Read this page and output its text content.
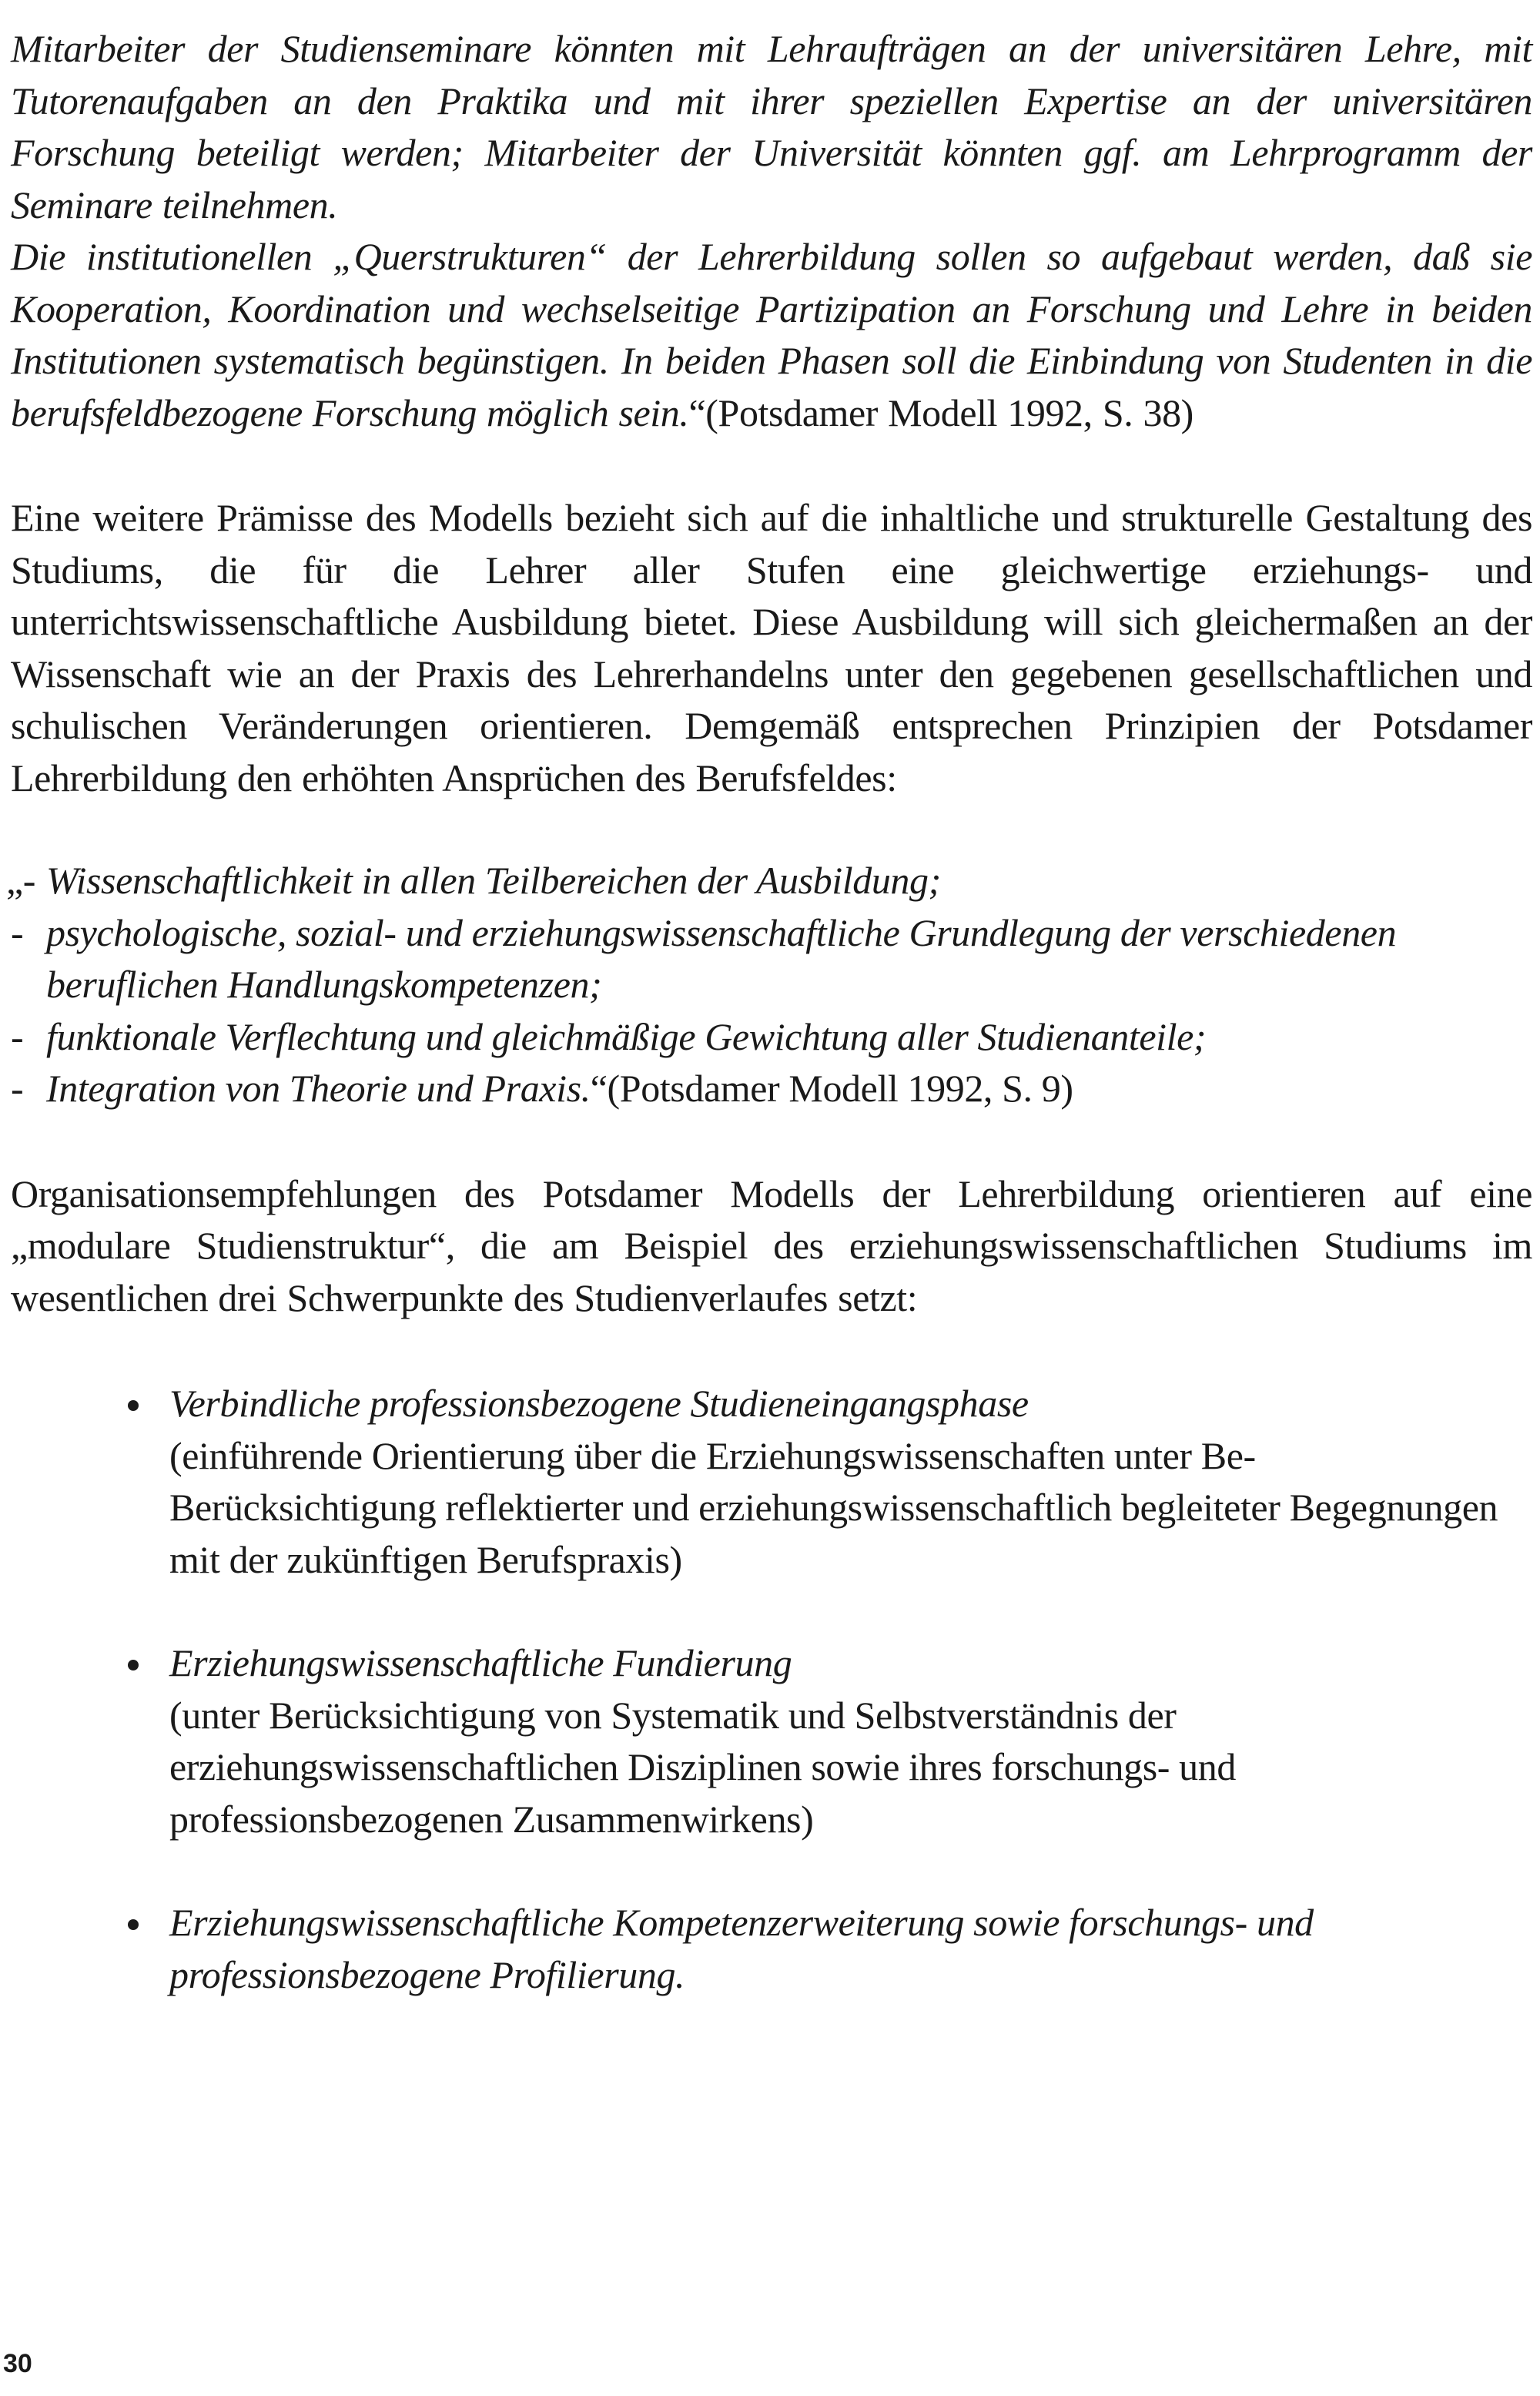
Mitarbeiter der Studienseminare könnten mit Lehraufträgen an der universitären Lehre, mit Tutorenaufgaben an den Praktika und mit ihrer speziellen Expertise an der universitären Forschung beteiligt werden; Mitarbeiter der Universität könnten ggf. am Lehrprogramm der Seminare teilnehmen.
Die institutionellen „Querstrukturen“ der Lehrerbildung sollen so aufgebaut werden, daß sie Kooperation, Koordination und wechselseitige Partizipation an Forschung und Lehre in beiden Institutionen systematisch begünstigen. In beiden Phasen soll die Einbindung von Studenten in die berufsfeldbezogene Forschung möglich sein.“(Potsdamer Modell 1992, S. 38)

Eine weitere Prämisse des Modells bezieht sich auf die inhaltliche und strukturelle Gestaltung des Studiums, die für die Lehrer aller Stufen eine gleichwertige erziehungs- und unterrichtswissenschaftliche Ausbildung bietet. Diese Ausbildung will sich gleichermaßen an der Wissenschaft wie an der Praxis des Lehrerhandelns unter den gegebenen gesellschaftlichen und schulischen Veränderungen orientieren. Demgemäß entsprechen Prinzipien der Potsdamer Lehrerbildung den erhöhten Ansprüchen des Berufsfeldes:

„- Wissenschaftlichkeit in allen Teilbereichen der Ausbildung;
- psychologische, sozial- und erziehungswissenschaftliche Grundlegung der verschiedenen beruflichen Handlungskompetenzen;
- funktionale Verflechtung und gleichmäßige Gewichtung aller Studienanteile;
- Integration von Theorie und Praxis.“(Potsdamer Modell 1992, S. 9)

Organisationsempfehlungen des Potsdamer Modells der Lehrerbildung orientieren auf eine „modulare Studienstruktur“, die am Beispiel des erziehungswissenschaftlichen Studiums im wesentlichen drei Schwerpunkte des Studienverlaufes setzt:

Verbindliche professionsbezogene Studieneingangsphase
(einführende Orientierung über die Erziehungswissenschaften unter Be- Berücksichtigung reflektierter und erziehungswissenschaftlich begleiteter Begegnungen mit der zukünftigen Berufspraxis)
Erziehungswissenschaftliche Fundierung
(unter Berücksichtigung von Systematik und Selbstverständnis der erziehungswissenschaftlichen Disziplinen sowie ihres forschungs- und professionsbezogenen Zusammenwirkens)
Erziehungswissenschaftliche Kompetenzerweiterung sowie forschungs- und professionsbezogene Profilierung.
30
